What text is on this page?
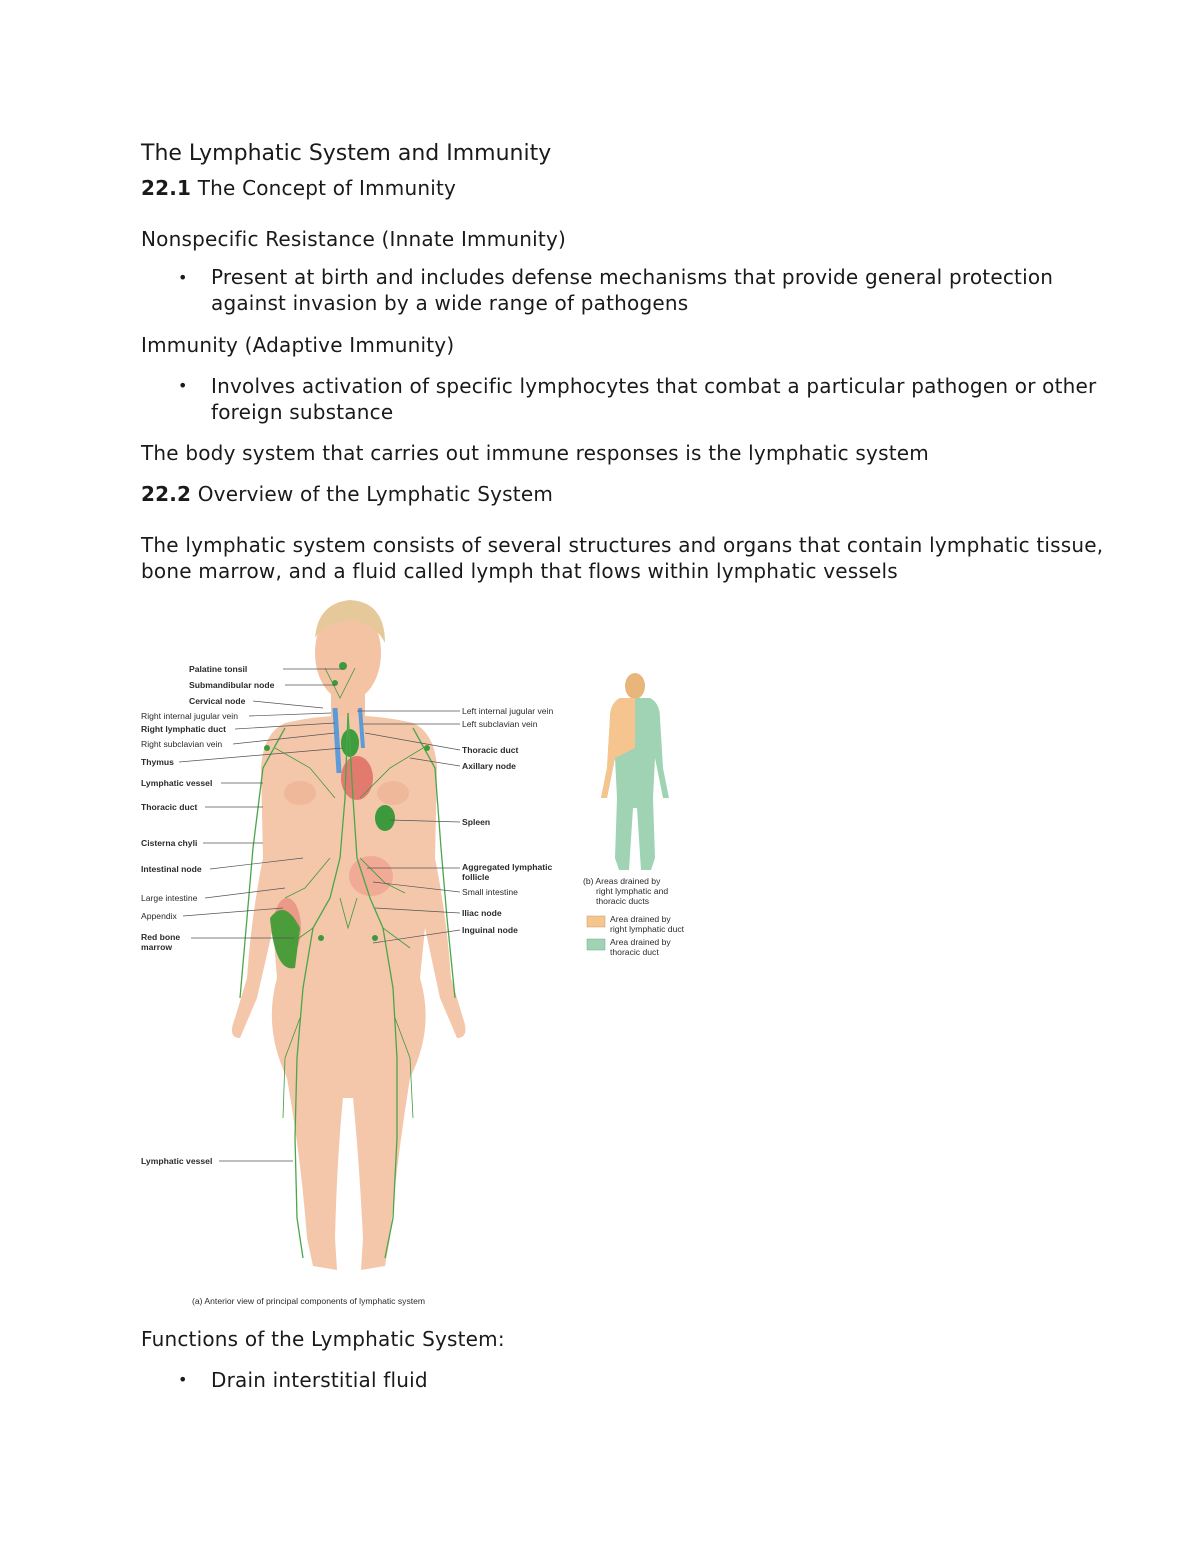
The Lymphatic System and Immunity
22.1 The Concept of Immunity
Nonspecific Resistance (Innate Immunity)
• Present at birth and includes defense mechanisms that provide general protection
against invasion by a wide range of pathogens
Immunity (Adaptive Immunity)
• Involves activation of specific lymphocytes that combat a particular pathogen or other
foreign substance
The body system that carries out immune responses is the lymphatic system
22.2 Overview of the Lymphatic System
The lymphatic system consists of several structures and organs that contain lymphatic tissue,
bone marrow, and a fluid called lymph that flows within lymphatic vessels
Palatine tonsil
Submandibular node
Cervical node
Right internal jugular vein
Right lymphatic duct
Right subclavian vein
Thymus
Lymphatic vessel
Thoracic duct
Cisterna chyli
Intestinal node
Large intestine
Appendix
Red bone
marrow
Lymphatic vessel
Left internal jugular vein
Left subclavian vein
Thoracic duct
Axillary node
Spleen
Aggregated lymphatic
follicle
Small intestine
Iliac node
Inguinal node
(b) Areas drained by
right lymphatic and
thoracic ducts
Area drained by
right lymphatic duct
Area drained by
thoracic duct
(a) Anterior view of principal components of lymphatic system
Functions of the Lymphatic System:
• Drain interstitial fluid
